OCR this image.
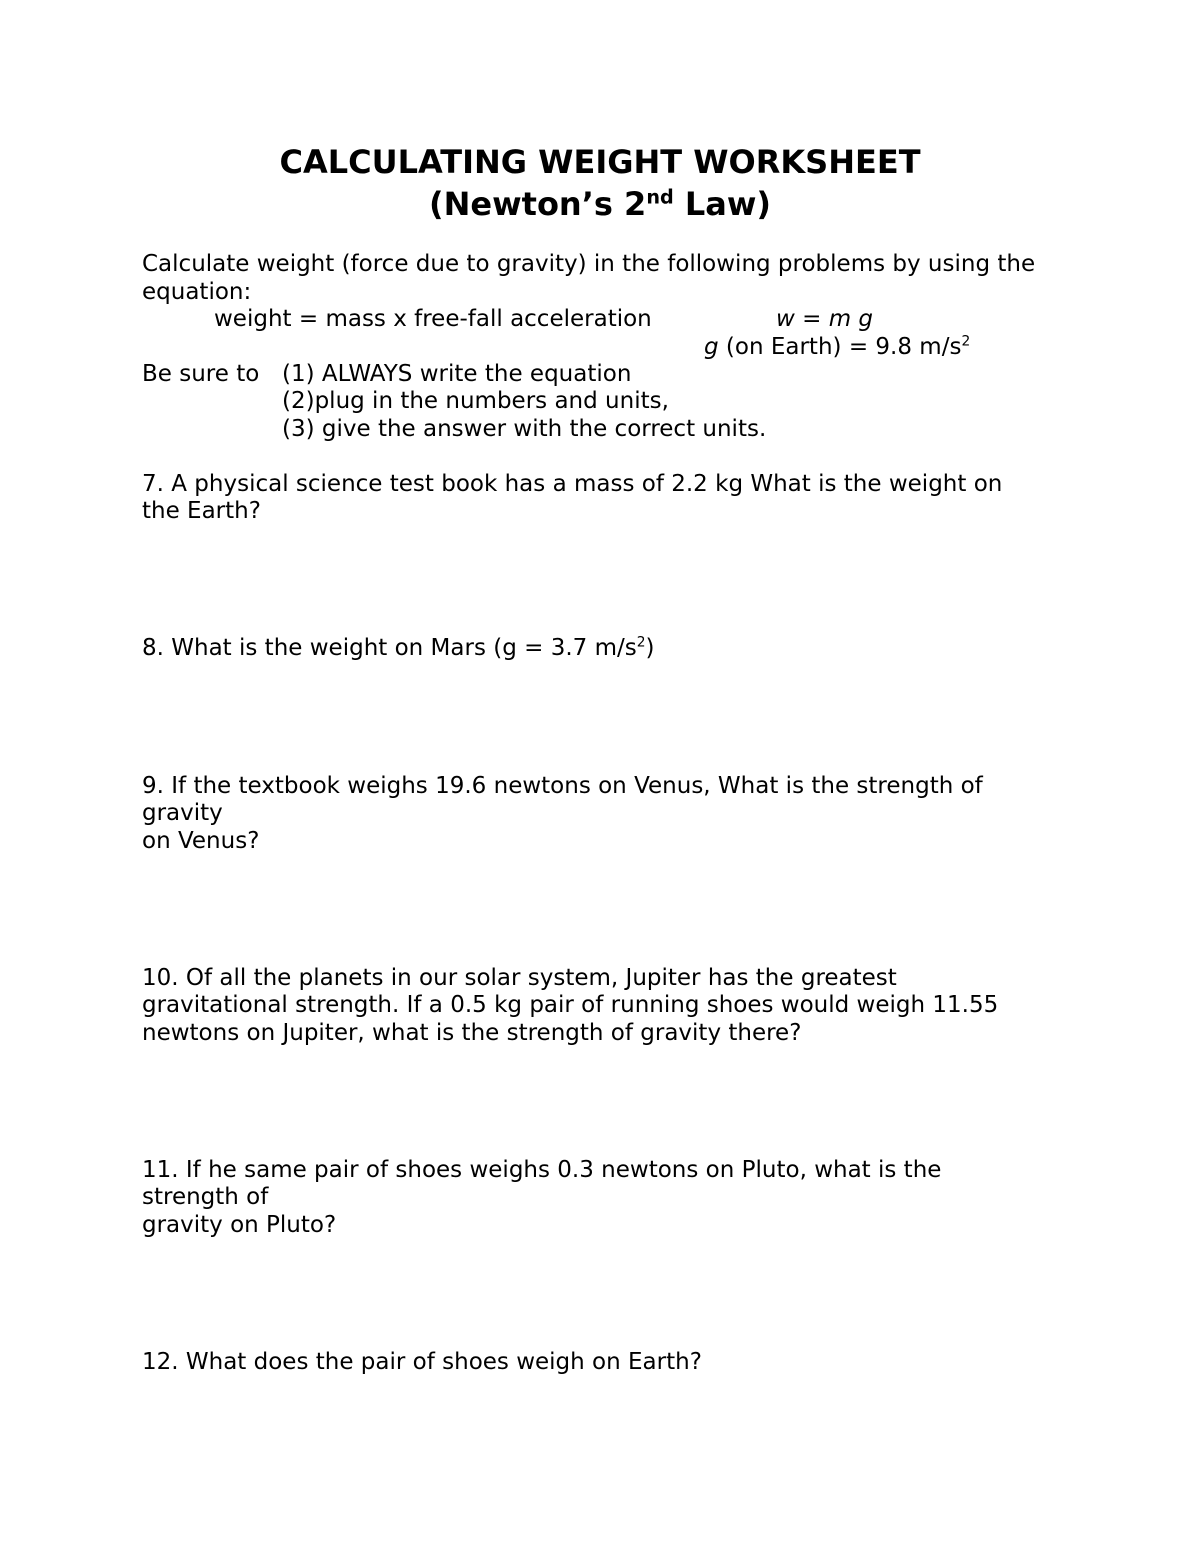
CALCULATING WEIGHT WORKSHEET
(Newton’s 2nd Law)
Calculate weight (force due to gravity) in the following problems by using the
equation:
weight = mass x free-fall acceleration	w = m g
g (on Earth) = 9.8 $m/s^2$
Be sure to (1) ALWAYS write the equation
(2)plug in the numbers and units,
(3) give the answer with the correct units.
7. A physical science test book has a mass of 2.2 kg What is the weight on
the Earth?
8. What is the weight on Mars (g = 3.7 $m/s^2$)
9. If the textbook weighs 19.6 newtons on Venus, What is the strength of
gravity
on Venus?
10. Of all the planets in our solar system, Jupiter has the greatest
gravitational strength. If a 0.5 kg pair of running shoes would weigh 11.55
newtons on Jupiter, what is the strength of gravity there?
11. If he same pair of shoes weighs 0.3 newtons on Pluto, what is the
strength of
gravity on Pluto?
12. What does the pair of shoes weigh on Earth?
